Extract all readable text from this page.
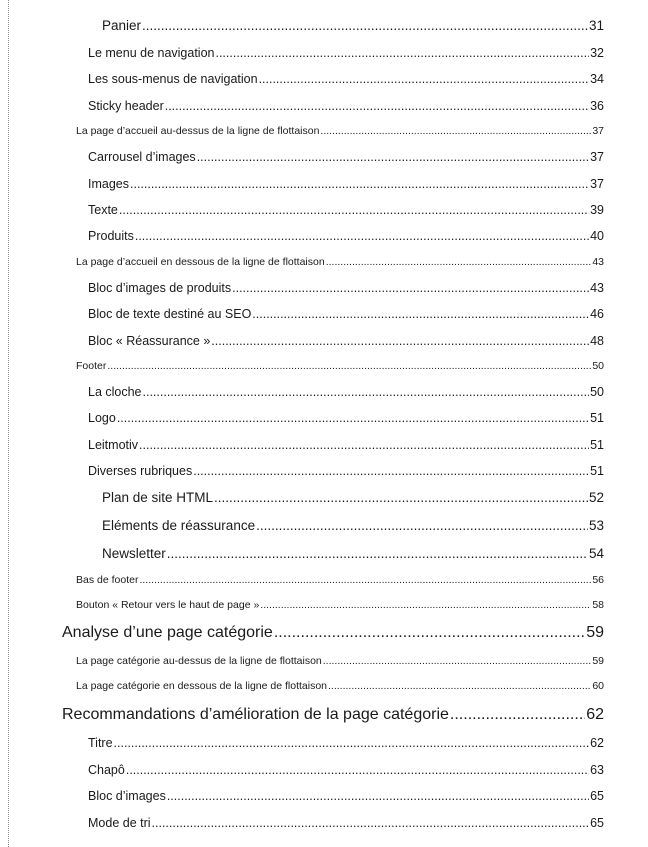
Panier .....	31
Le menu de navigation .....	32
Les sous-menus de navigation .....	34
Sticky header .....	36
La page d’accueil au-dessus de la ligne de flottaison .....	37
Carrousel d’images .....	37
Images .....	37
Texte .....	39
Produits .....	40
La page d’accueil en dessous de la ligne de flottaison .....	43
Bloc d’images de produits .....	43
Bloc de texte destiné au SEO .....	46
Bloc « Réassurance » .....	48
Footer .....	50
La cloche .....	50
Logo .....	51
Leitmotiv .....	51
Diverses rubriques .....	51
Plan de site HTML .....	52
Eléments de réassurance .....	53
Newsletter .....	54
Bas de footer .....	56
Bouton « Retour vers le haut de page » .....	58
Analyse d’une page catégorie .....	59
La page catégorie au-dessus de la ligne de flottaison .....	59
La page catégorie en dessous de la ligne de flottaison .....	60
Recommandations d’amélioration de la page catégorie .....	62
Titre .....	62
Chapô .....	63
Bloc d’images .....	65
Mode de tri .....	65
